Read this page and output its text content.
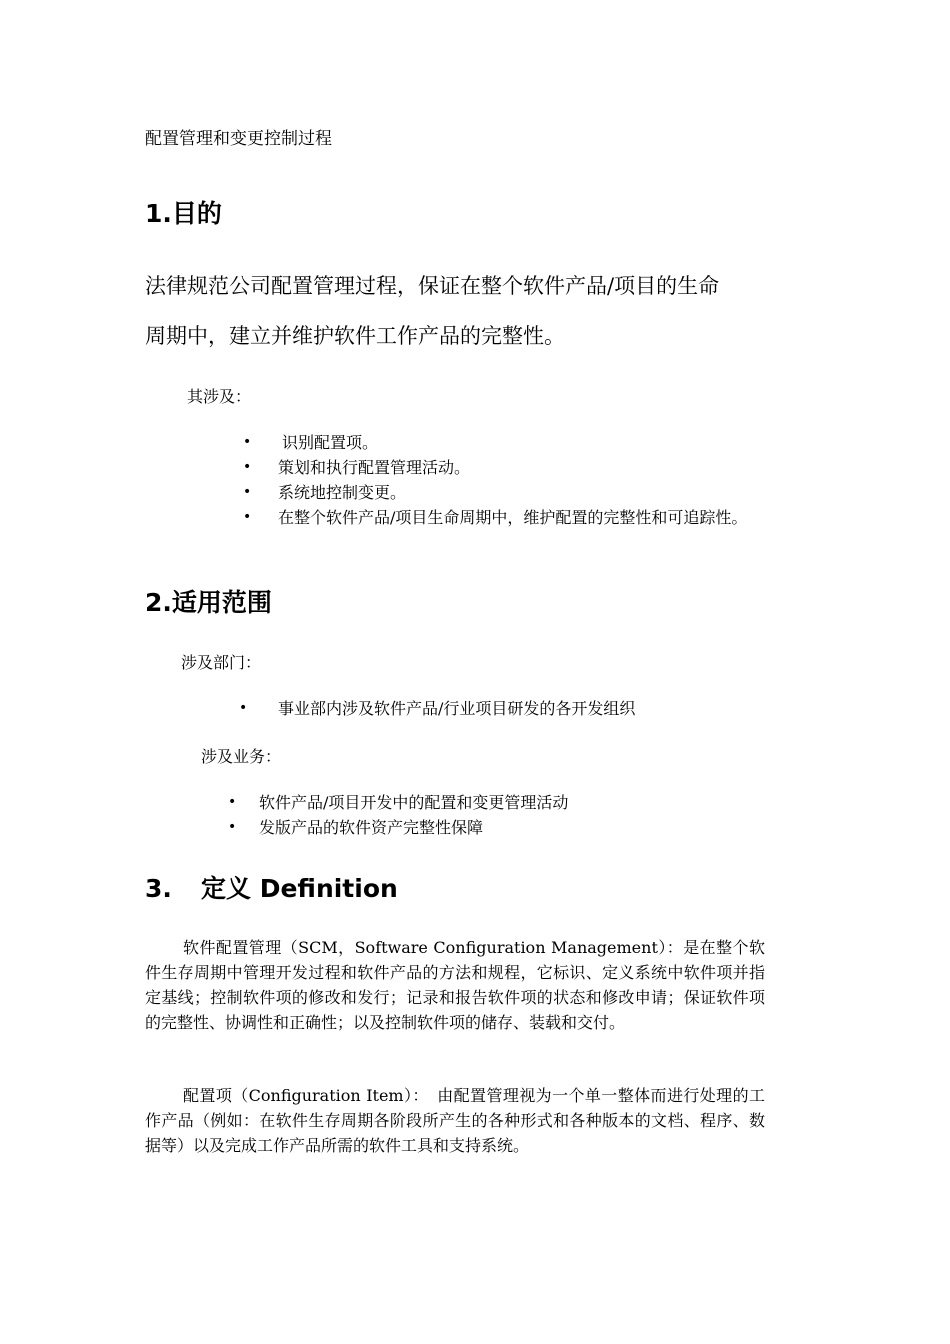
配置管理和变更控制过程
1.目的
法律规范公司配置管理过程，保证在整个软件产品/项目的生命
周期中，建立并维护软件工作产品的完整性。
其涉及：
• 识别配置项。
• 策划和执行配置管理活动。
• 系统地控制变更。
• 在整个软件产品/项目生命周期中，维护配置的完整性和可追踪性。
2.适用范围
涉及部门：
• 事业部内涉及软件产品/行业项目研发的各开发组织
涉及业务：
• 软件产品/项目开发中的配置和变更管理活动
• 发版产品的软件资产完整性保障
3. 定义 Definition
软件配置管理（SCM，Software Configuration Management）：是在整个软件生存周期中管理开发过程和软件产品的方法和规程，它标识、定义系统中软件项并指定基线；控制软件项的修改和发行；记录和报告软件项的状态和修改申请；保证软件项的完整性、协调性和正确性；以及控制软件项的储存、装载和交付。
配置项（Configuration Item）：　由配置管理视为一个单一整体而进行处理的工作产品（例如：在软件生存周期各阶段所产生的各种形式和各种版本的文档、程序、数据等）以及完成工作产品所需的软件工具和支持系统。
